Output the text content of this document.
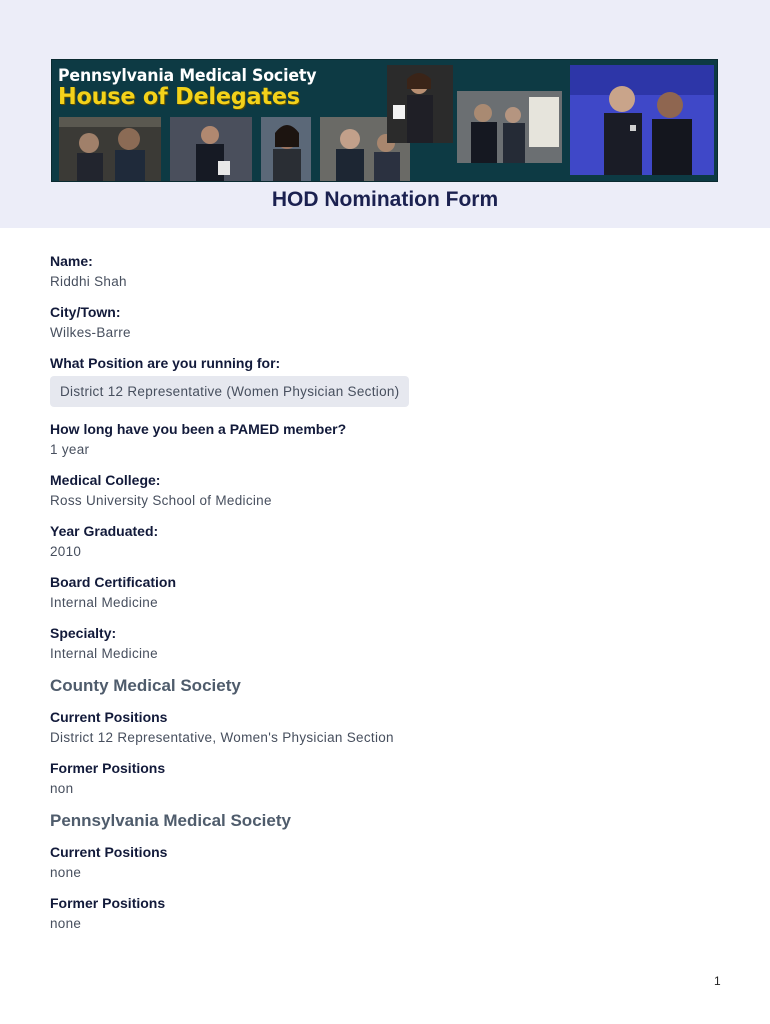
Pennsylvania Medical Society
House of Delegates
HOD Nomination Form
Name:
Riddhi Shah
City/Town:
Wilkes-Barre
What Position are you running for:
District 12 Representative (Women Physician Section)
How long have you been a PAMED member?
1 year
Medical College:
Ross University School of Medicine
Year Graduated:
2010
Board Certification
Internal Medicine
Specialty:
Internal Medicine
County Medical Society
Current Positions
District 12 Representative, Women's Physician Section
Former Positions
non
Pennsylvania Medical Society
Current Positions
none
Former Positions
none
1
